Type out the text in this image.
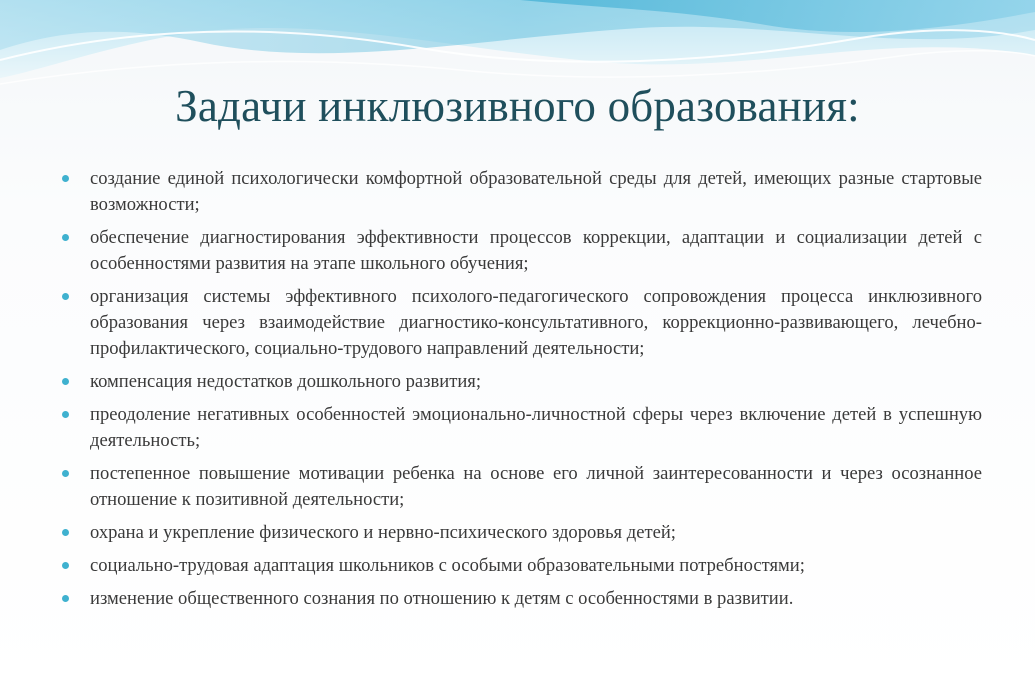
Задачи инклюзивного образования:
создание единой психологически комфортной образовательной среды для детей, имеющих разные стартовые возможности;
обеспечение диагностирования эффективности процессов коррекции, адаптации и социализации детей с особенностями развития на этапе школьного обучения;
организация системы эффективного психолого-педагогического сопровождения процесса инклюзивного образования через взаимодействие диагностико-консультативного, коррекционно-развивающего, лечебно-профилактического, социально-трудового направлений деятельности;
компенсация недостатков дошкольного развития;
преодоление негативных особенностей эмоционально-личностной сферы через включение детей в успешную деятельность;
постепенное повышение мотивации ребенка на основе его личной заинтересованности и через осознанное отношение к позитивной деятельности;
охрана и укрепление физического и нервно-психического здоровья детей;
социально-трудовая адаптация школьников с особыми образовательными потребностями;
изменение общественного сознания по отношению к детям с особенностями в развитии.
